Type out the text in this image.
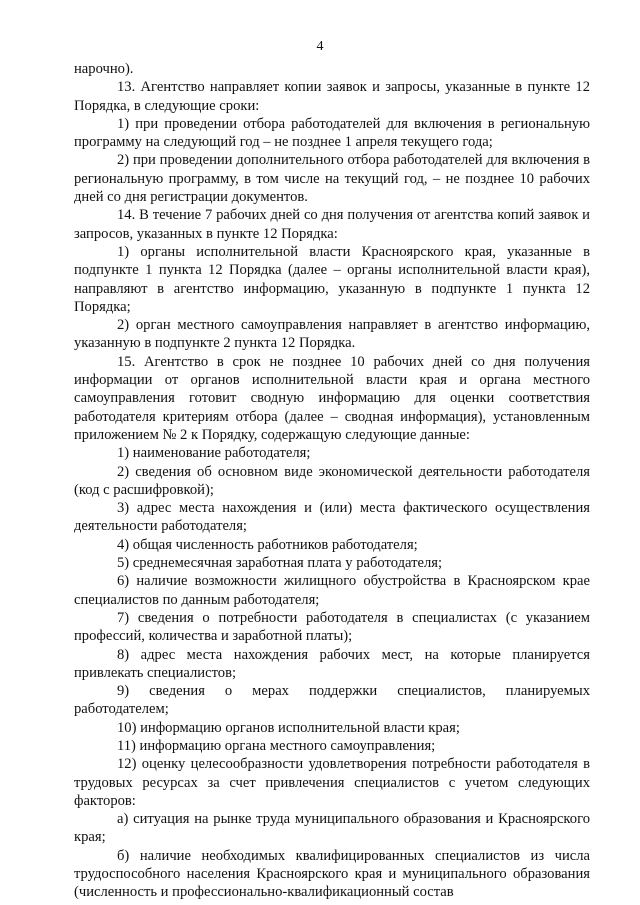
4

нарочно).

13. Агентство направляет копии заявок и запросы, указанные в пункте 12 Порядка, в следующие сроки:

1) при проведении отбора работодателей для включения в региональную программу на следующий год – не позднее 1 апреля текущего года;

2) при проведении дополнительного отбора работодателей для включения в региональную программу, в том числе на текущий год, – не позднее 10 рабочих дней со дня регистрации документов.

14. В течение 7 рабочих дней со дня получения от агентства копий заявок и запросов, указанных в пункте 12 Порядка:

1) органы исполнительной власти Красноярского края, указанные в подпункте 1 пункта 12 Порядка (далее – органы исполнительной власти края), направляют в агентство информацию, указанную в подпункте 1 пункта 12 Порядка;

2) орган местного самоуправления направляет в агентство информацию, указанную в подпункте 2 пункта 12 Порядка.

15. Агентство в срок не позднее 10 рабочих дней со дня получения информации от органов исполнительной власти края и органа местного самоуправления готовит сводную информацию для оценки соответствия работодателя критериям отбора (далее – сводная информация), установленным приложением № 2 к Порядку, содержащую следующие данные:

1) наименование работодателя;

2) сведения об основном виде экономической деятельности работодателя (код с расшифровкой);

3) адрес места нахождения и (или) места фактического осуществления деятельности работодателя;

4) общая численность работников работодателя;

5) среднемесячная заработная плата у работодателя;

6) наличие возможности жилищного обустройства в Красноярском крае специалистов по данным работодателя;

7) сведения о потребности работодателя в специалистах (с указанием профессий, количества и заработной платы);

8) адрес места нахождения рабочих мест, на которые планируется привлекать специалистов;

9) сведения о мерах поддержки специалистов, планируемых работодателем;

10) информацию органов исполнительной власти края;

11) информацию органа местного самоуправления;

12) оценку целесообразности удовлетворения потребности работодателя в трудовых ресурсах за счет привлечения специалистов с учетом следующих факторов:

а) ситуация на рынке труда муниципального образования и Красноярского края;

б) наличие необходимых квалифицированных специалистов из числа трудоспособного населения Красноярского края и муниципального образования (численность и профессионально-квалификационный состав
